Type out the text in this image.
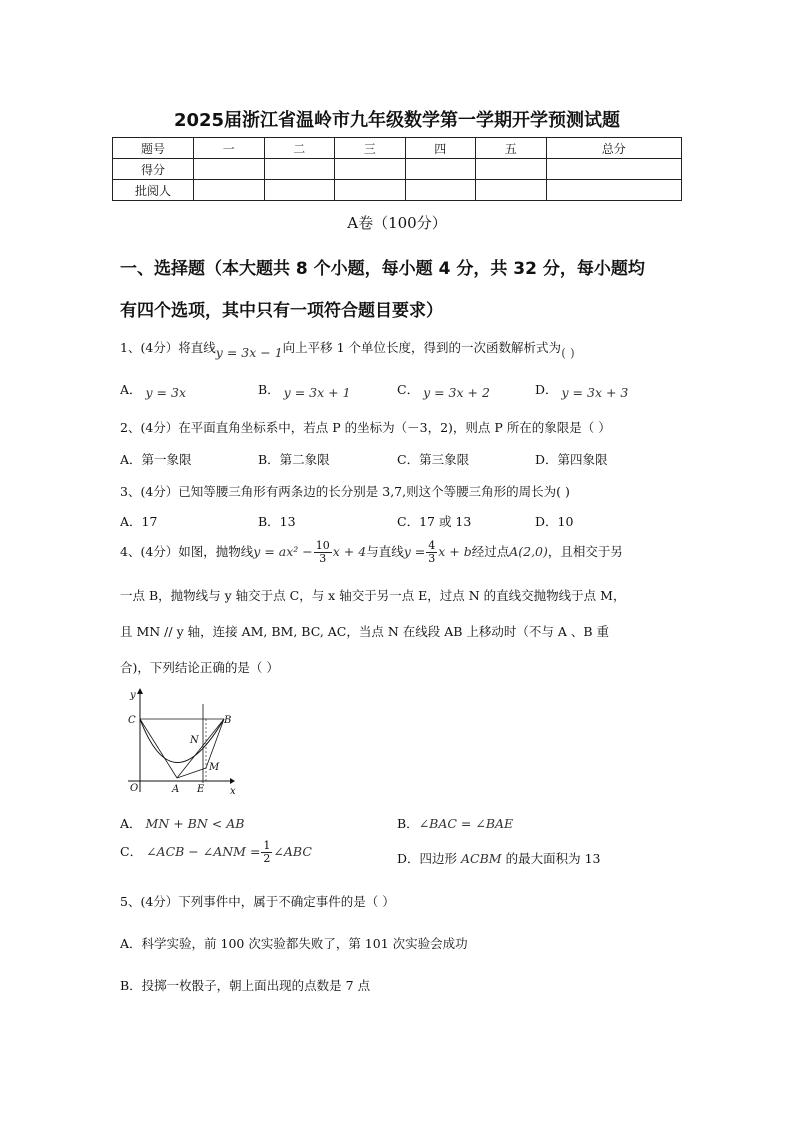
2025届浙江省温岭市九年级数学第一学期开学预测试题
题号	一	二	三	四	五	总分
得分						
批阅人						
A卷（100分）
一、选择题（本大题共 8 个小题，每小题 4 分，共 32 分，每小题均
有四个选项，其中只有一项符合题目要求）
1、(4分）将直线y = 3x − 1向上平移 1 个单位长度，得到的一次函数解析式为( )
A． y = 3x	B． y = 3x + 1	C． y = 3x + 2	D． y = 3x + 3
2、(4分）在平面直角坐标系中，若点 P 的坐标为（－3，2)，则点 P 所在的象限是（ ）
A．第一象限	B．第二象限	C．第三象限	D．第四象限
3、(4分）已知等腰三角形有两条边的长分别是 3,7,则这个等腰三角形的周长为( )
A．17	B．13	C．17 或 13	D．10
4、(4分）如图，抛物线$y = ax^2 - \frac{10}{3}$ x + 4与直线$y = \frac{4}{3}$ x + b经过点A(2,0)，且相交于另
一点 B，抛物线与 y 轴交于点 C，与 x 轴交于另一点 E，过点 N 的直线交抛物线于点 M，
且 MN // y 轴，连接 AM, BM, BC, AC，当点 N 在线段 AB 上移动时（不与 A 、B 重
合)，下列结论正确的是（ ）
y
x
C
O	A E
N
M
B
A． MN + BN < AB	B．∠BAC = ∠BAE
C． ∠ACB − ∠ANM = $\frac{1}{2}$ ∠ABC	D．四边形 ACBM 的最大面积为 13
5、(4分）下列事件中，属于不确定事件的是（ ）
A．科学实验，前 100 次实验都失败了，第 101 次实验会成功
B．投掷一枚骰子，朝上面出现的点数是 7 点
